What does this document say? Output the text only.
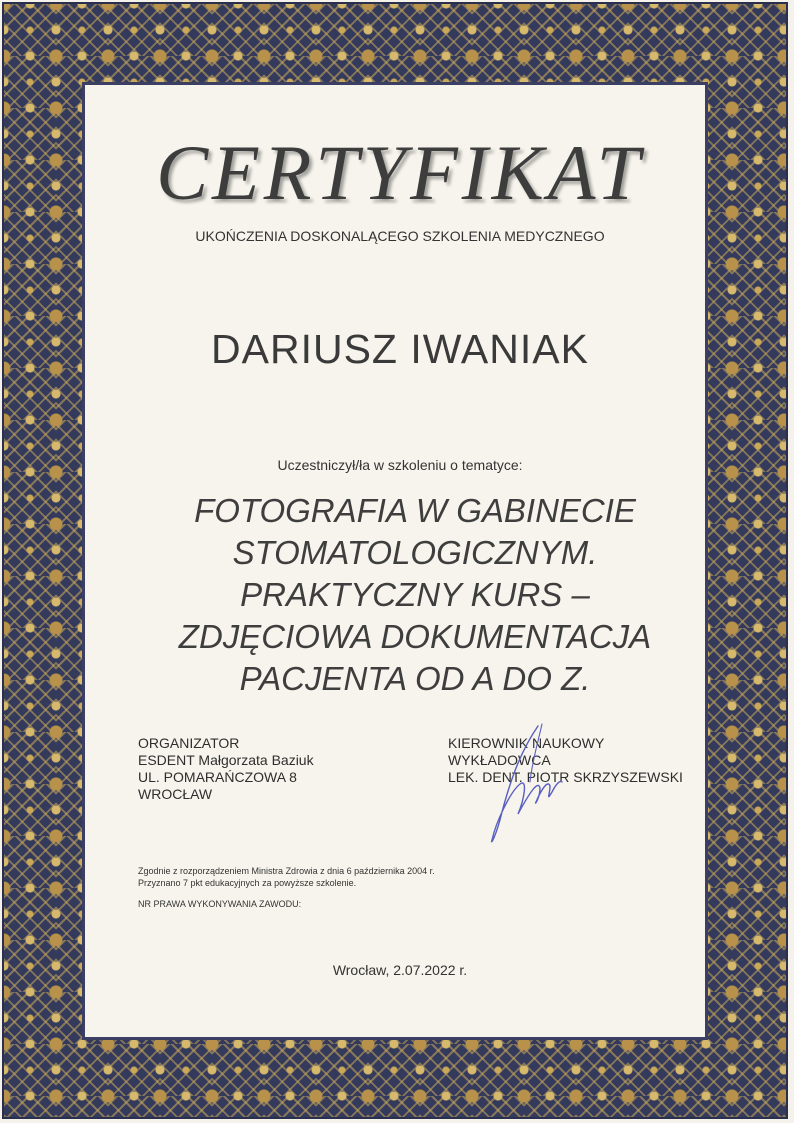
CERTYFIKAT
UKOŃCZENIA DOSKONALĄCEGO SZKOLENIA MEDYCZNEGO
DARIUSZ IWANIAK
Uczestniczył/ła w szkoleniu o tematyce:
FOTOGRAFIA W GABINECIE
STOMATOLOGICZNYM.
PRAKTYCZNY KURS –
ZDJĘCIOWA DOKUMENTACJA
PACJENTA OD A DO Z.
ORGANIZATOR
ESDENT Małgorzata Baziuk
UL. POMARAŃCZOWA 8
WROCŁAW
KIEROWNIK NAUKOWY
WYKŁADOWCA
LEK. DENT. PIOTR SKRZYSZEWSKI
Zgodnie z rozporządzeniem Ministra Zdrowia z dnia 6 października 2004 r.
Przyznano 7 pkt edukacyjnych za powyższe szkolenie.
NR PRAWA WYKONYWANIA ZAWODU:
Wrocław, 2.07.2022 r.
